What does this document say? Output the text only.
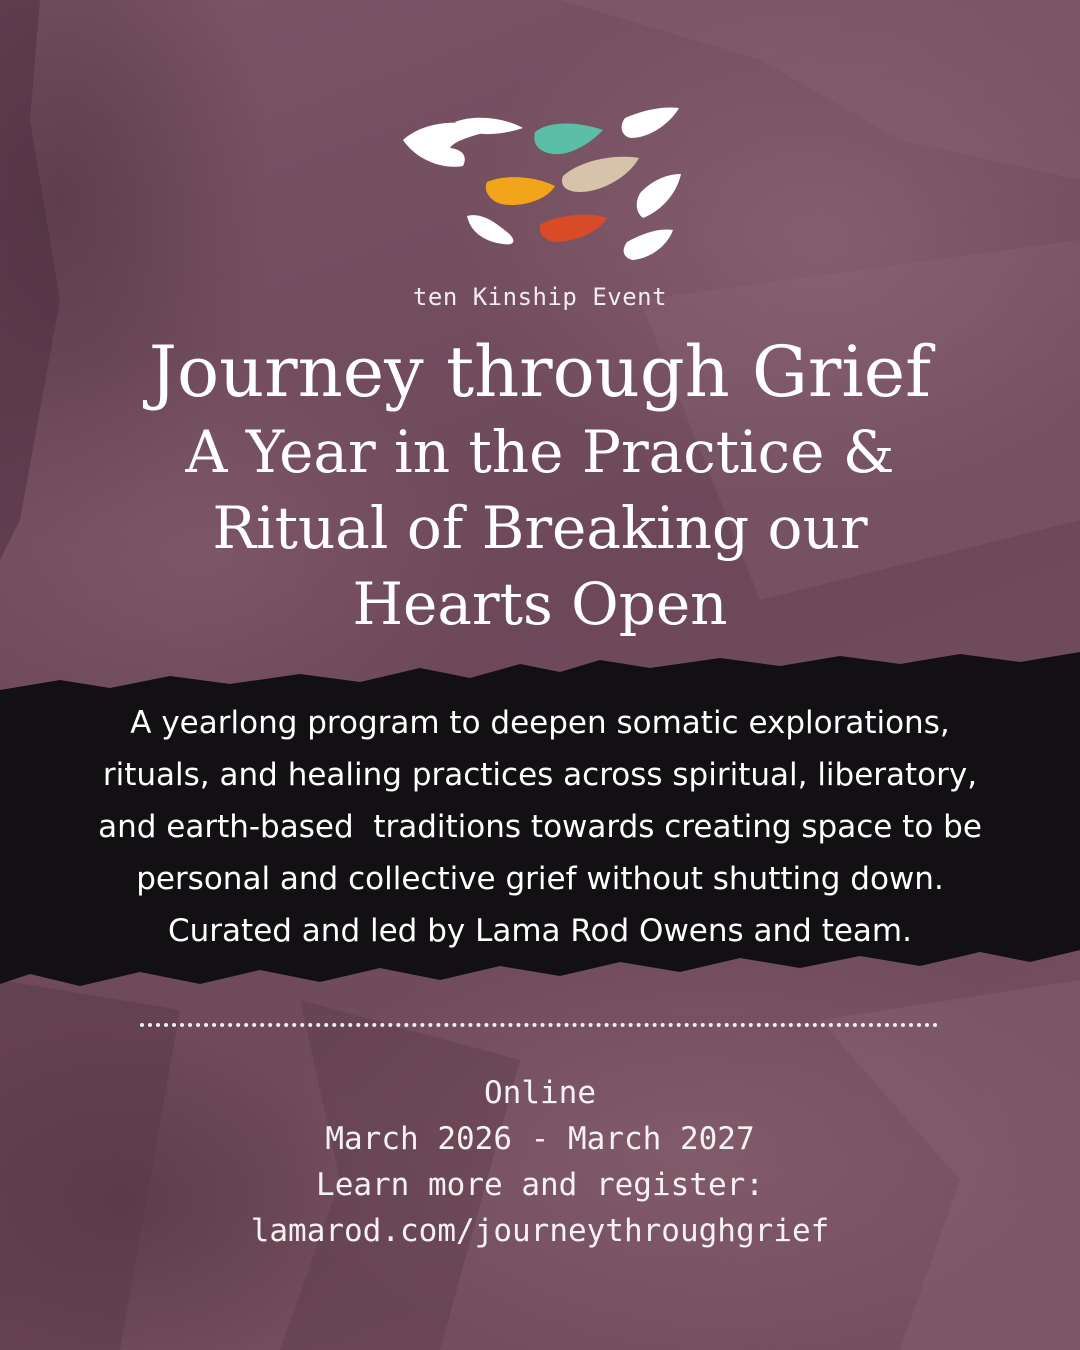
ten Kinship Event
Journey through Grief

A Year in the Practice &

Ritual of Breaking our

Hearts Open

A yearlong program to deepen somatic explorations,
rituals, and healing practices across spiritual, liberatory,
and earth-based  traditions towards creating space to be
personal and collective grief without shutting down.
Curated and led by Lama Rod Owens and team.
Online
March 2026 - March 2027
Learn more and register:
lamarod.com/journeythroughgrief
